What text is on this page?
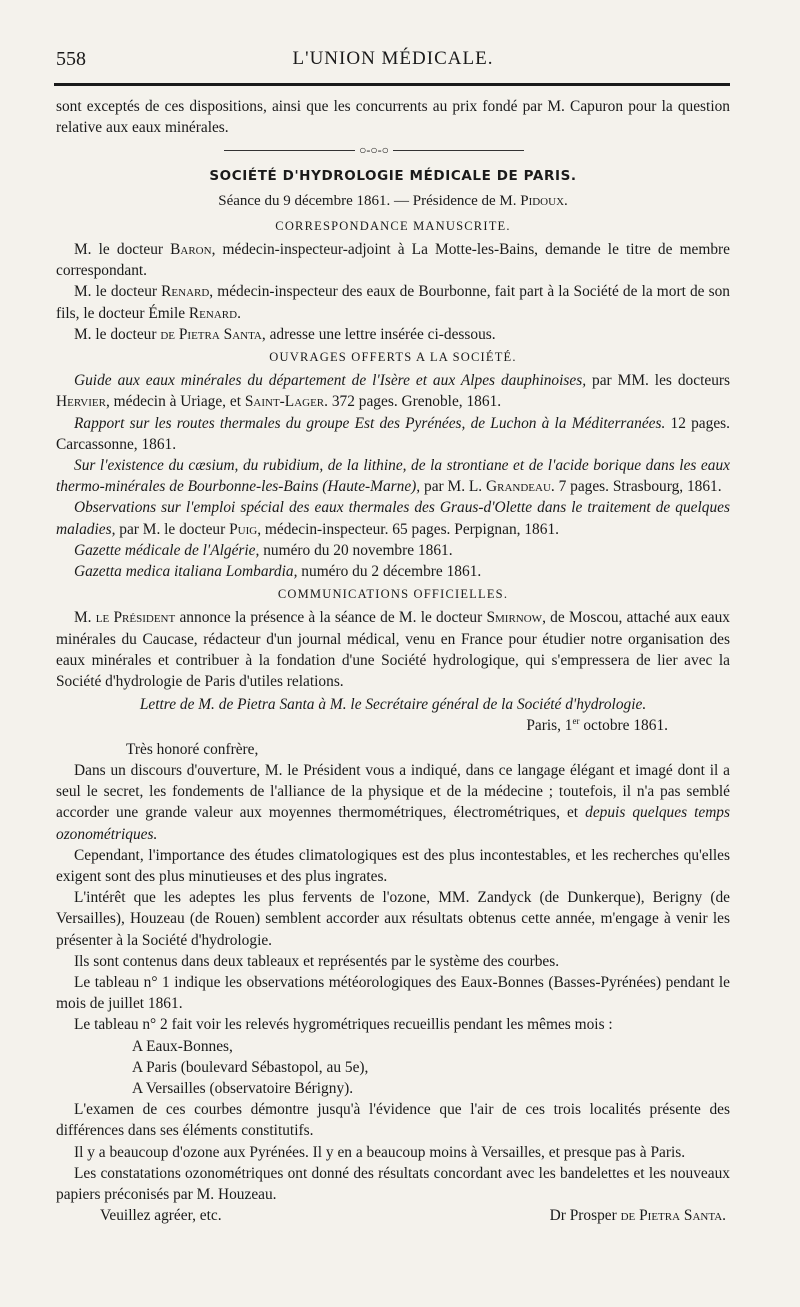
558	L'UNION MÉDICALE.

sont exceptés de ces dispositions, ainsi que les concurrents au prix fondé par M. Capuron pour la question relative aux eaux minérales.

○-○-○
SOCIÉTÉ D'HYDROLOGIE MÉDICALE DE PARIS.
Séance du 9 décembre 1861. — Présidence de M. Pidoux.
CORRESPONDANCE MANUSCRITE.

M. le docteur Baron, médecin-inspecteur-adjoint à La Motte-les-Bains, demande le titre de membre correspondant.

M. le docteur Renard, médecin-inspecteur des eaux de Bourbonne, fait part à la Société de la mort de son fils, le docteur Émile Renard.

M. le docteur de Pietra Santa, adresse une lettre insérée ci-dessous.

OUVRAGES OFFERTS A LA SOCIÉTÉ.

Guide aux eaux minérales du département de l'Isère et aux Alpes dauphinoises, par MM. les docteurs Hervier, médecin à Uriage, et Saint-Lager. 372 pages. Grenoble, 1861.

Rapport sur les routes thermales du groupe Est des Pyrénées, de Luchon à la Méditerranées. 12 pages. Carcassonne, 1861.

Sur l'existence du cæsium, du rubidium, de la lithine, de la strontiane et de l'acide borique dans les eaux thermo-minérales de Bourbonne-les-Bains (Haute-Marne), par M. L. Grandeau. 7 pages. Strasbourg, 1861.

Observations sur l'emploi spécial des eaux thermales des Graus-d'Olette dans le traitement de quelques maladies, par M. le docteur Puig, médecin-inspecteur. 65 pages. Perpignan, 1861.

Gazette médicale de l'Algérie, numéro du 20 novembre 1861.

Gazetta medica italiana Lombardia, numéro du 2 décembre 1861.

COMMUNICATIONS OFFICIELLES.

M. le Président annonce la présence à la séance de M. le docteur Smirnow, de Moscou, attaché aux eaux minérales du Caucase, rédacteur d'un journal médical, venu en France pour étudier notre organisation des eaux minérales et contribuer à la fondation d'une Société hydrologique, qui s'empressera de lier avec la Société d'hydrologie de Paris d'utiles relations.

Lettre de M. de Pietra Santa à M. le Secrétaire général de la Société d'hydrologie.
Paris, 1er octobre 1861.
Très honoré confrère,

Dans un discours d'ouverture, M. le Président vous a indiqué, dans ce langage élégant et imagé dont il a seul le secret, les fondements de l'alliance de la physique et de la médecine ; toutefois, il n'a pas semblé accorder une grande valeur aux moyennes thermométriques, électrométriques, et depuis quelques temps ozonométriques.

Cependant, l'importance des études climatologiques est des plus incontestables, et les recherches qu'elles exigent sont des plus minutieuses et des plus ingrates.

L'intérêt que les adeptes les plus fervents de l'ozone, MM. Zandyck (de Dunkerque), Berigny (de Versailles), Houzeau (de Rouen) semblent accorder aux résultats obtenus cette année, m'engage à venir les présenter à la Société d'hydrologie.

Ils sont contenus dans deux tableaux et représentés par le système des courbes.

Le tableau n° 1 indique les observations météorologiques des Eaux-Bonnes (Basses-Pyrénées) pendant le mois de juillet 1861.

Le tableau n° 2 fait voir les relevés hygrométriques recueillis pendant les mêmes mois :

A Eaux-Bonnes,
A Paris (boulevard Sébastopol, au 5e),
A Versailles (observatoire Bérigny).

L'examen de ces courbes démontre jusqu'à l'évidence que l'air de ces trois localités présente des différences dans ses éléments constitutifs.

Il y a beaucoup d'ozone aux Pyrénées. Il y en a beaucoup moins à Versailles, et presque pas à Paris.

Les constatations ozonométriques ont donné des résultats concordant avec les bandelettes et les nouveaux papiers préconisés par M. Houzeau.

Veuillez agréer, etc.	Dr Prosper de Pietra Santa.
